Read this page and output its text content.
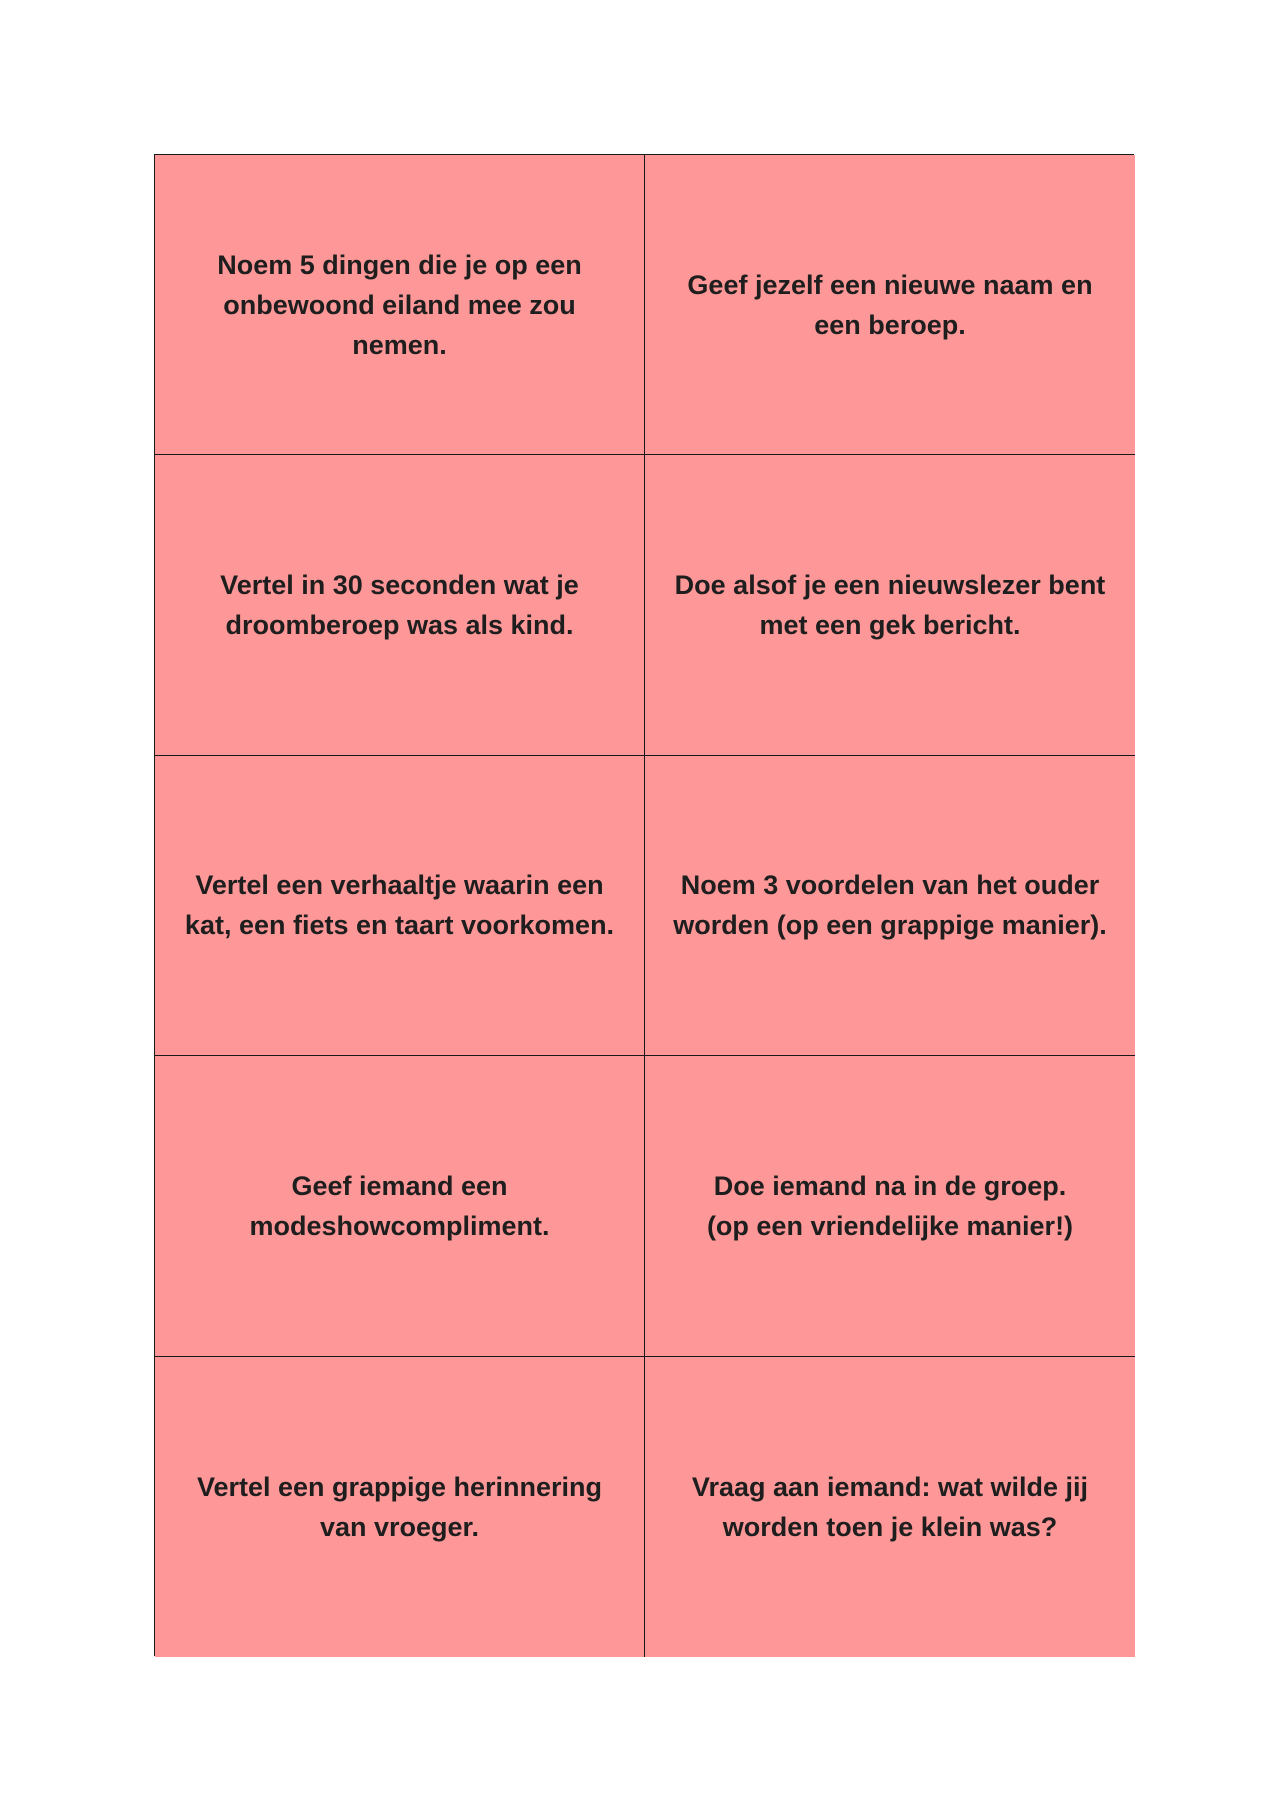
Noem 5 dingen die je op een
onbewoond eiland mee zou
nemen.
Geef jezelf een nieuwe naam en
een beroep.
Vertel in 30 seconden wat je
droomberoep was als kind.
Doe alsof je een nieuwslezer bent
met een gek bericht.
Vertel een verhaaltje waarin een
kat, een fiets en taart voorkomen.
Noem 3 voordelen van het ouder
worden (op een grappige manier).
Geef iemand een
modeshowcompliment.
Doe iemand na in de groep.
(op een vriendelijke manier!)
Vertel een grappige herinnering
van vroeger.
Vraag aan iemand: wat wilde jij
worden toen je klein was?
